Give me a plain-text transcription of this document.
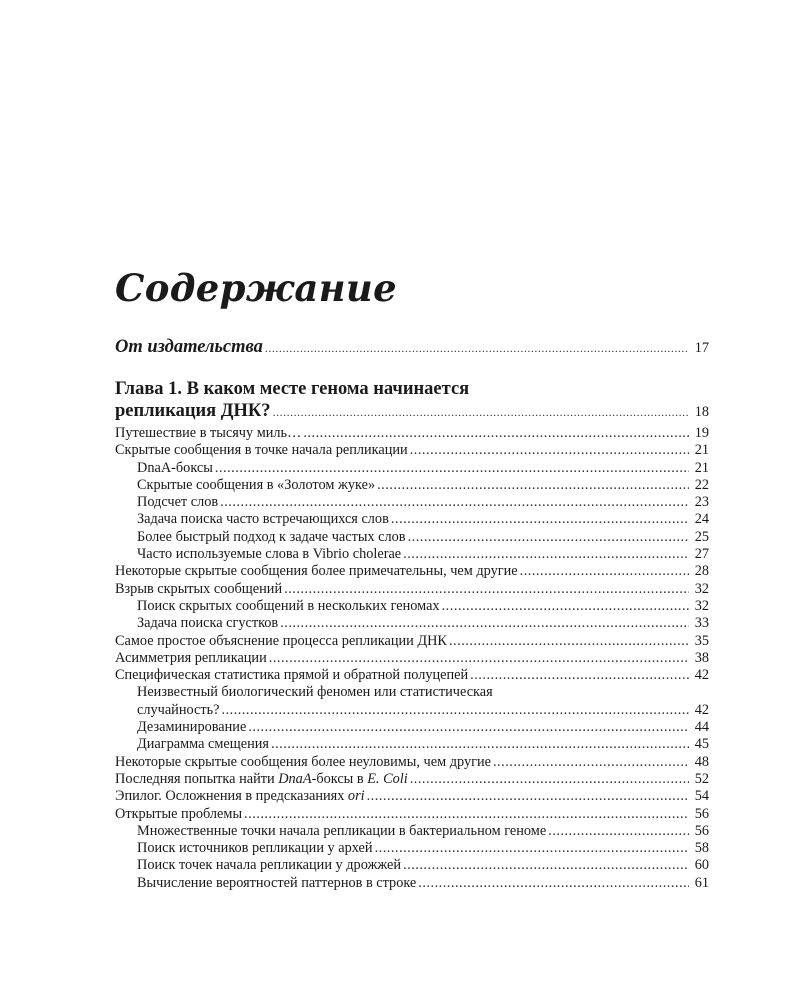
Содержание
От издательства .....	17
Глава 1. В каком месте генома начинается
репликация ДНК? .....	18
Путешествие в тысячу миль… .....	19
Скрытые сообщения в точке начала репликации .....	21
DnaA-боксы .....	21
Скрытые сообщения в «Золотом жуке» .....	22
Подсчет слов .....	23
Задача поиска часто встречающихся слов .....	24
Более быстрый подход к задаче частых слов .....	25
Часто используемые слова в Vibrio cholerae .....	27
Некоторые скрытые сообщения более примечательны, чем другие .....	28
Взрыв скрытых сообщений .....	32
Поиск скрытых сообщений в нескольких геномах .....	32
Задача поиска сгустков .....	33
Самое простое объяснение процесса репликации ДНК .....	35
Асимметрия репликации .....	38
Специфическая статистика прямой и обратной полуцепей .....	42
Неизвестный биологический феномен или статистическая
случайность? .....	42
Дезаминирование .....	44
Диаграмма смещения .....	45
Некоторые скрытые сообщения более неуловимы, чем другие .....	48
Последняя попытка найти DnaA-боксы в E. Coli .....	52
Эпилог. Осложнения в предсказаниях ori .....	54
Открытые проблемы .....	56
Множественные точки начала репликации в бактериальном геноме .....	56
Поиск источников репликации у архей .....	58
Поиск точек начала репликации у дрожжей .....	60
Вычисление вероятностей паттернов в строке .....	61
